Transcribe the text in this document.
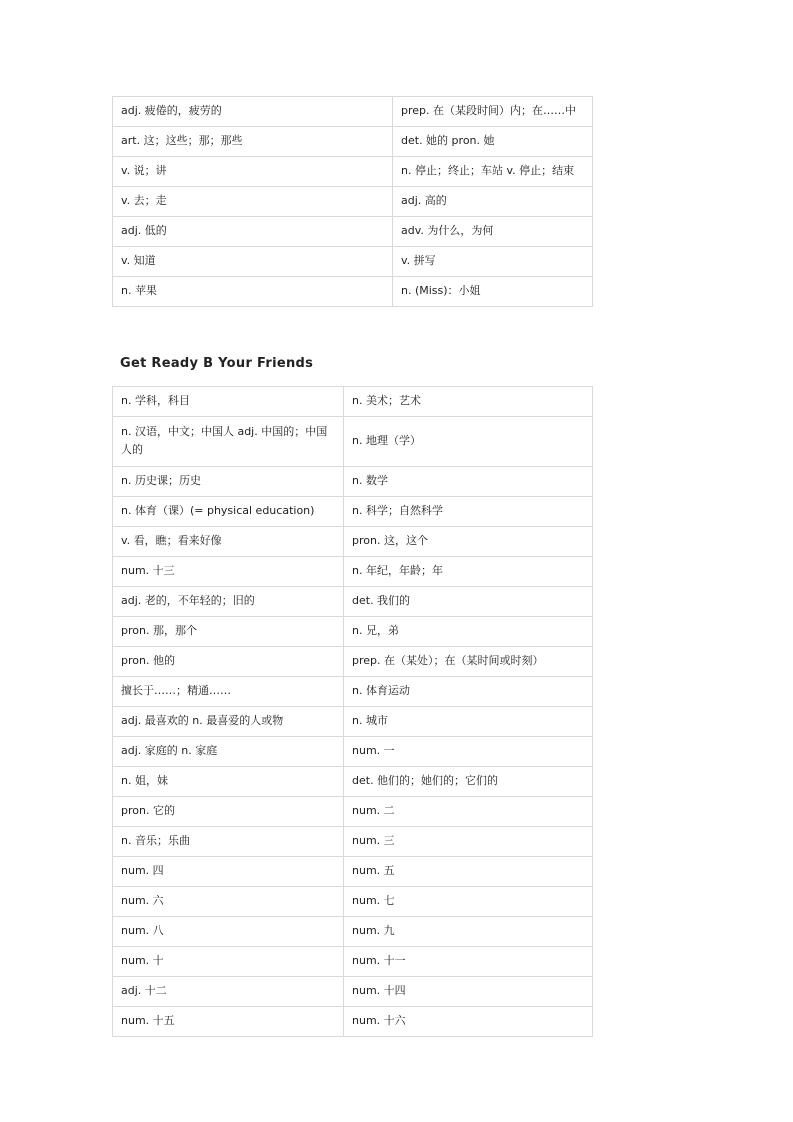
adj. 疲倦的，疲劳的	prep. 在（某段时间）内；在……中
art. 这；这些；那；那些	det. 她的 pron. 她
v. 说；讲	n. 停止；终止；车站 v. 停止；结束
v. 去；走	adj. 高的
adj. 低的	adv. 为什么，为何
v. 知道	v. 拼写
n. 苹果	n. (Miss)：小姐
Get Ready B Your Friends
n. 学科，科目	n. 美术；艺术
n. 汉语，中文；中国人 adj. 中国的；中国人的	n. 地理（学）
n. 历史课；历史	n. 数学
n. 体育（课）(= physical education)	n. 科学；自然科学
v. 看，瞧；看来好像	pron. 这，这个
num. 十三	n. 年纪，年龄；年
adj. 老的，不年轻的；旧的	det. 我们的
pron. 那，那个	n. 兄，弟
pron. 他的	prep. 在（某处）；在（某时间或时刻）
擅长于……；精通……	n. 体育运动
adj. 最喜欢的 n. 最喜爱的人或物	n. 城市
adj. 家庭的 n. 家庭	num. 一
n. 姐，妹	det. 他们的；她们的；它们的
pron. 它的	num. 二
n. 音乐；乐曲	num. 三
num. 四	num. 五
num. 六	num. 七
num. 八	num. 九
num. 十	num. 十一
adj. 十二	num. 十四
num. 十五	num. 十六
